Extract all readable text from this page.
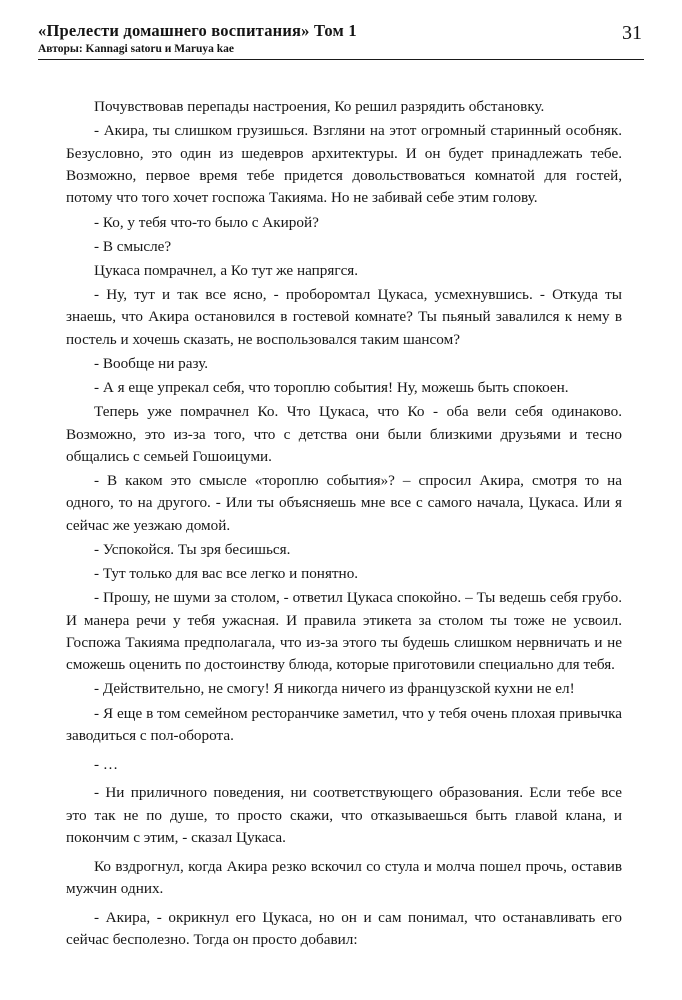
«Прелести домашнего воспитания» Том 1
Авторы: Kannagi satoru и Maruya kae
31

Почувствовав перепады настроения, Ко решил разрядить обстановку.

- Акира, ты слишком грузишься. Взгляни на этот огромный старинный особняк. Безусловно, это один из шедевров архитектуры. И он будет принадлежать тебе. Возможно, первое время тебе придется довольствоваться комнатой для гостей, потому что того хочет госпожа Такияма. Но не забивай себе этим голову.

- Ко, у тебя что-то было с Акирой?

- В смысле?

Цукаса помрачнел, а Ко тут же напрягся.

- Ну, тут и так все ясно, - проборомтал Цукаса, усмехнувшись. - Откуда ты знаешь, что Акира остановился в гостевой комнате? Ты пьяный завалился к нему в постель и хочешь сказать, не воспользовался таким шансом?

- Вообще ни разу.

- А я еще упрекал себя, что тороплю события! Ну, можешь быть спокоен.

Теперь уже помрачнел Ко. Что Цукаса, что Ко - оба вели себя одинаково. Возможно, это из-за того, что с детства они были близкими друзьями и тесно общались с семьей Гошоицуми.

- В каком это смысле «тороплю события»? – спросил Акира, смотря то на одного, то на другого. - Или ты объясняешь мне все с самого начала, Цукаса. Или я сейчас же уезжаю домой.

- Успокойся. Ты зря бесишься.

- Тут только для вас все легко и понятно.

- Прошу, не шуми за столом, - ответил Цукаса спокойно. – Ты ведешь себя грубо. И манера речи у тебя ужасная. И правила этикета за столом ты тоже не усвоил. Госпожа Такияма предполагала, что из-за этого ты будешь слишком нервничать и не сможешь оценить по достоинству блюда, которые приготовили специально для тебя.

- Действительно, не смогу! Я никогда ничего из французской кухни не ел!

- Я еще в том семейном ресторанчике заметил, что у тебя очень плохая привычка заводиться с пол-оборота.

- …

- Ни приличного поведения, ни соответствующего образования. Если тебе все это так не по душе, то просто скажи, что отказываешься быть главой клана, и покончим с этим, - сказал Цукаса.

Ко вздрогнул, когда Акира резко вскочил со стула и молча пошел прочь, оставив мужчин одних.

- Акира, - окрикнул его Цукаса, но он и сам понимал, что останавливать его сейчас бесполезно. Тогда он просто добавил:
